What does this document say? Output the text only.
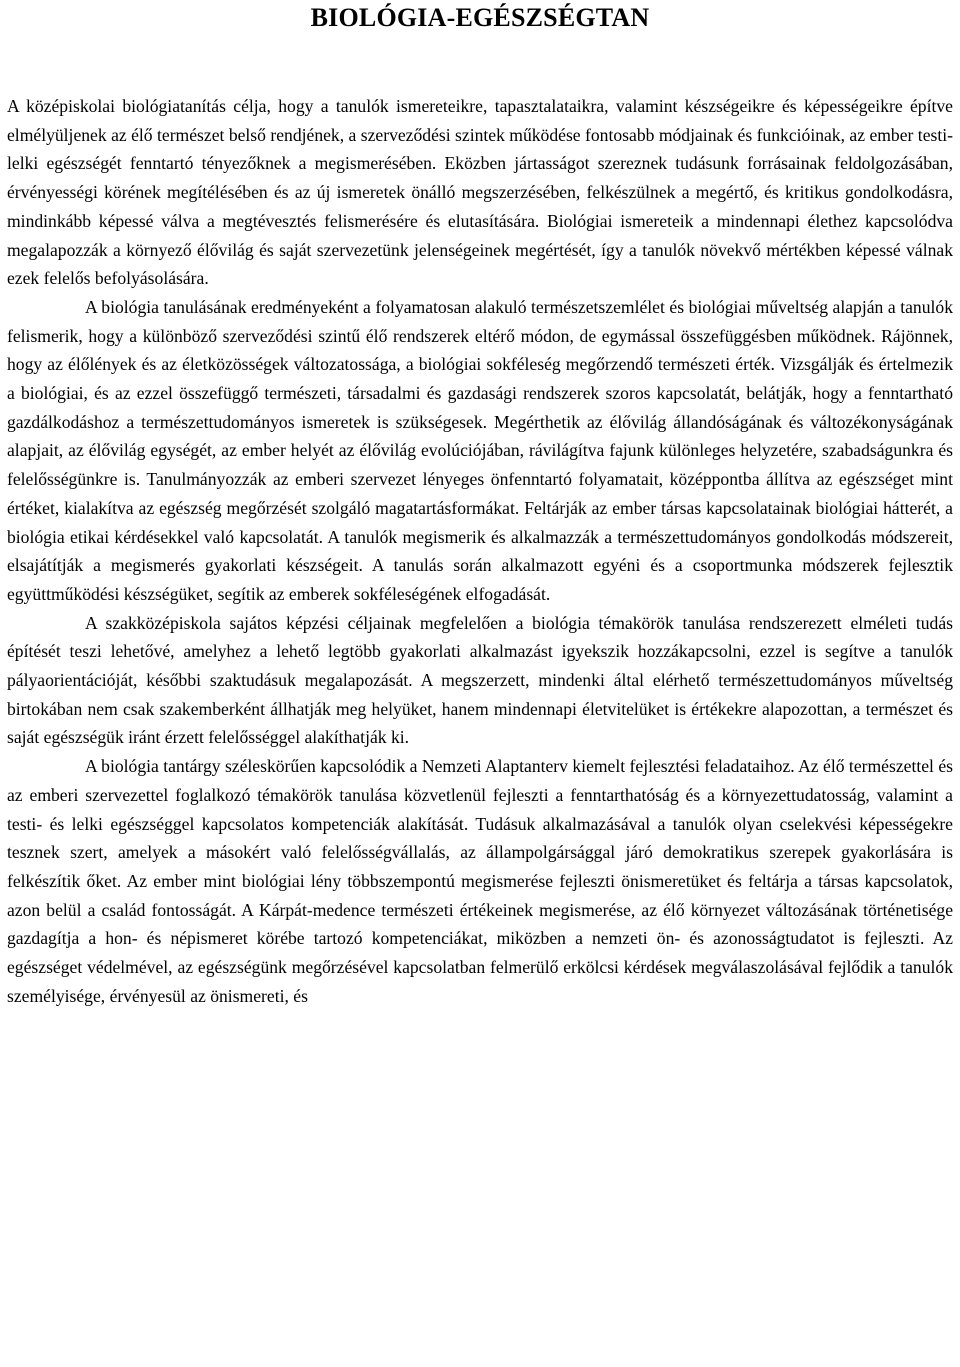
BIOLÓGIA-EGÉSZSÉGTAN

A középiskolai biológiatanítás célja, hogy a tanulók ismereteikre, tapasztalataikra, valamint készségeikre és képességeikre építve elmélyüljenek az élő természet belső rendjének, a szerveződési szintek működése fontosabb módjainak és funkcióinak, az ember testi-lelki egészségét fenntartó tényezőknek a megismerésében. Eközben jártasságot szereznek tudásunk forrásainak feldolgozásában, érvényességi körének megítélésében és az új ismeretek önálló megszerzésében, felkészülnek a megértő, és kritikus gondolkodásra, mindinkább képessé válva a megtévesztés felismerésére és elutasítására. Biológiai ismereteik a mindennapi élethez kapcsolódva megalapozzák a környező élővilág és saját szervezetünk jelenségeinek megértését, így a tanulók növekvő mértékben képessé válnak ezek felelős befolyásolására.

A biológia tanulásának eredményeként a folyamatosan alakuló természetszemlélet és biológiai műveltség alapján a tanulók felismerik, hogy a különböző szerveződési szintű élő rendszerek eltérő módon, de egymással összefüggésben működnek. Rájönnek, hogy az élőlények és az életközösségek változatossága, a biológiai sokféleség megőrzendő természeti érték. Vizsgálják és értelmezik a biológiai, és az ezzel összefüggő természeti, társadalmi és gazdasági rendszerek szoros kapcsolatát, belátják, hogy a fenntartható gazdálkodáshoz a természettudományos ismeretek is szükségesek. Megérthetik az élővilág állandóságának és változékonyságának alapjait, az élővilág egységét, az ember helyét az élővilág evolúciójában, rávilágítva fajunk különleges helyzetére, szabadságunkra és felelősségünkre is. Tanulmányozzák az emberi szervezet lényeges önfenntartó folyamatait, középpontba állítva az egészséget mint értéket, kialakítva az egészség megőrzését szolgáló magatartásformákat. Feltárják az ember társas kapcsolatainak biológiai hátterét, a biológia etikai kérdésekkel való kapcsolatát. A tanulók megismerik és alkalmazzák a természettudományos gondolkodás módszereit, elsajátítják a megismerés gyakorlati készségeit. A tanulás során alkalmazott egyéni és a csoportmunka módszerek fejlesztik együttműködési készségüket, segítik az emberek sokféleségének elfogadását.

A szakközépiskola sajátos képzési céljainak megfelelően a biológia témakörök tanulása rendszerezett elméleti tudás építését teszi lehetővé, amelyhez a lehető legtöbb gyakorlati alkalmazást igyekszik hozzákapcsolni, ezzel is segítve a tanulók pályaorientációját, későbbi szaktudásuk megalapozását. A megszerzett, mindenki által elérhető természettudományos műveltség birtokában nem csak szakemberként állhatják meg helyüket, hanem mindennapi életvitelüket is értékekre alapozottan, a természet és saját egészségük iránt érzett felelősséggel alakíthatják ki.

A biológia tantárgy széleskörűen kapcsolódik a Nemzeti Alaptanterv kiemelt fejlesztési feladataihoz. Az élő természettel és az emberi szervezettel foglalkozó témakörök tanulása közvetlenül fejleszti a fenntarthatóság és a környezettudatosság, valamint a testi- és lelki egészséggel kapcsolatos kompetenciák alakítását. Tudásuk alkalmazásával a tanulók olyan cselekvési képességekre tesznek szert, amelyek a másokért való felelősségvállalás, az állampolgársággal járó demokratikus szerepek gyakorlására is felkészítik őket. Az ember mint biológiai lény többszempontú megismerése fejleszti önismeretüket és feltárja a társas kapcsolatok, azon belül a család fontosságát. A Kárpát-medence természeti értékeinek megismerése, az élő környezet változásának történetisége gazdagítja a hon- és népismeret körébe tartozó kompetenciákat, miközben a nemzeti ön- és azonosságtudatot is fejleszti. Az egészséget védelmével, az egészségünk megőrzésével kapcsolatban felmerülő erkölcsi kérdések megválaszolásával fejlődik a tanulók személyisége, érvényesül az önismereti, és
